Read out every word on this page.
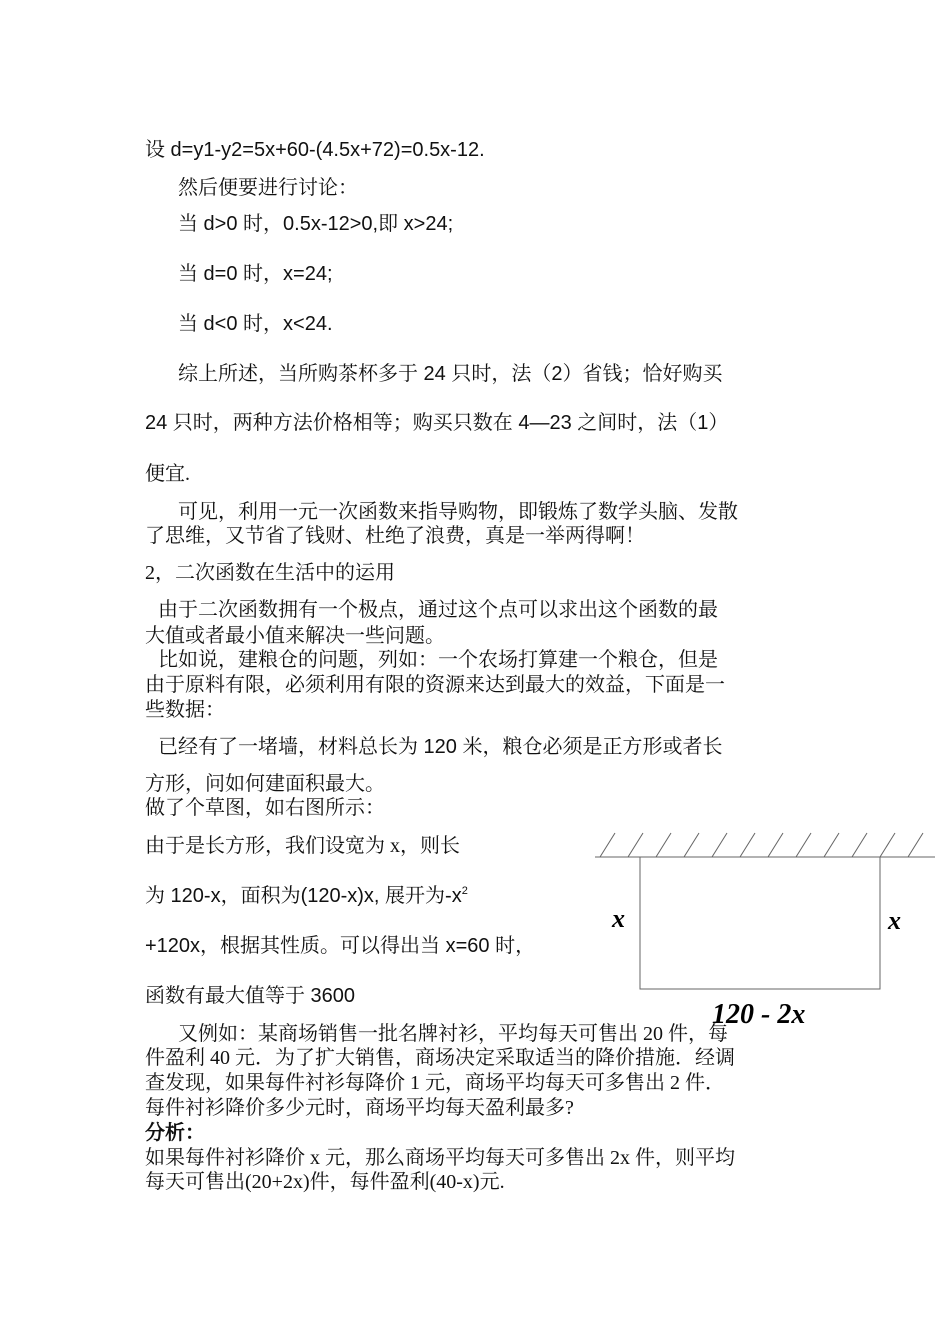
设 d=y1-y2=5x+60-(4.5x+72)=0.5x-12.
然后便要进行讨论：
当 d>0 时，0.5x-12>0,即 x>24;
当 d=0 时，x=24;
当 d<0 时，x<24.
综上所述，当所购茶杯多于 24 只时，法（2）省钱；恰好购买
24 只时，两种方法价格相等；购买只数在 4—23 之间时，法（1）
便宜.
可见，利用一元一次函数来指导购物，即锻炼了数学头脑、发散
了思维，又节省了钱财、杜绝了浪费，真是一举两得啊！
2，二次函数在生活中的运用
由于二次函数拥有一个极点，通过这个点可以求出这个函数的最
大值或者最小值来解决一些问题。
比如说，建粮仓的问题，列如：一个农场打算建一个粮仓，但是
由于原料有限，必须利用有限的资源来达到最大的效益，下面是一
些数据：
已经有了一堵墙，材料总长为 120 米，粮仓必须是正方形或者长
方形，问如何建面积最大。
做了个草图，如右图所示：
由于是长方形，我们设宽为 x，则长
为 120-x，面积为(120-x)x, 展开为$-x^2$
+120x，根据其性质。可以得出当 x=60 时，
函数有最大值等于 3600
又例如：某商场销售一批名牌衬衫，平均每天可售出 20 件，每
件盈利 40 元．为了扩大销售，商场决定采取适当的降价措施．经调
查发现，如果每件衬衫每降价 1 元，商场平均每天可多售出 2 件．
每件衬衫降价多少元时，商场平均每天盈利最多?
分析：
如果每件衬衫降价 x 元，那么商场平均每天可多售出 2x 件，则平均
每天可售出(20+2x)件，每件盈利(40-x)元.
x	x
120 - 2x
